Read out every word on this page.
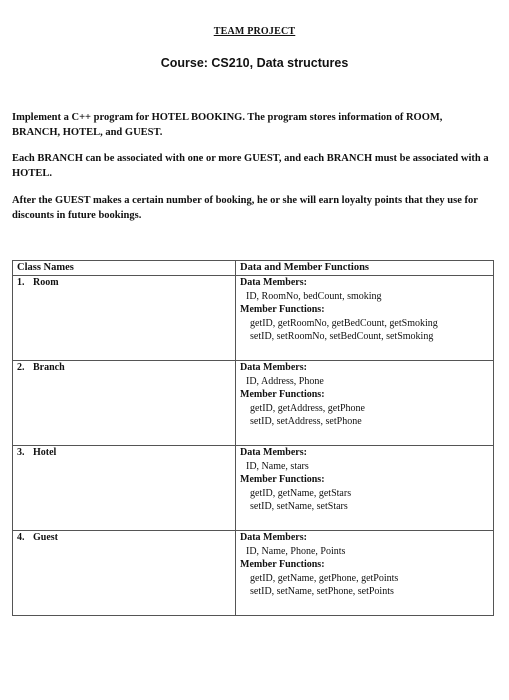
TEAM PROJECT
Course: CS210, Data structures
Implement a C++ program for HOTEL BOOKING. The program stores information of ROOM, BRANCH, HOTEL, and GUEST.
Each BRANCH can be associated with one or more GUEST, and each BRANCH must be associated with a HOTEL.
After the GUEST makes a certain number of booking, he or she will earn loyalty points that they use for discounts in future bookings.
Class Names	Data and Member Functions
1. Room	Data Members:
ID, RoomNo, bedCount, smoking
Member Functions:
getID, getRoomNo, getBedCount, getSmoking
setID, setRoomNo, setBedCount, setSmoking

2. Branch	Data Members:
ID, Address, Phone
Member Functions:
getID, getAddress, getPhone
setID, setAddress, setPhone

3. Hotel	Data Members:
ID, Name, stars
Member Functions:
getID, getName, getStars
setID, setName, setStars

4. Guest	Data Members:
ID, Name, Phone, Points
Member Functions:
getID, getName, getPhone, getPoints
setID, setName, setPhone, setPoints
